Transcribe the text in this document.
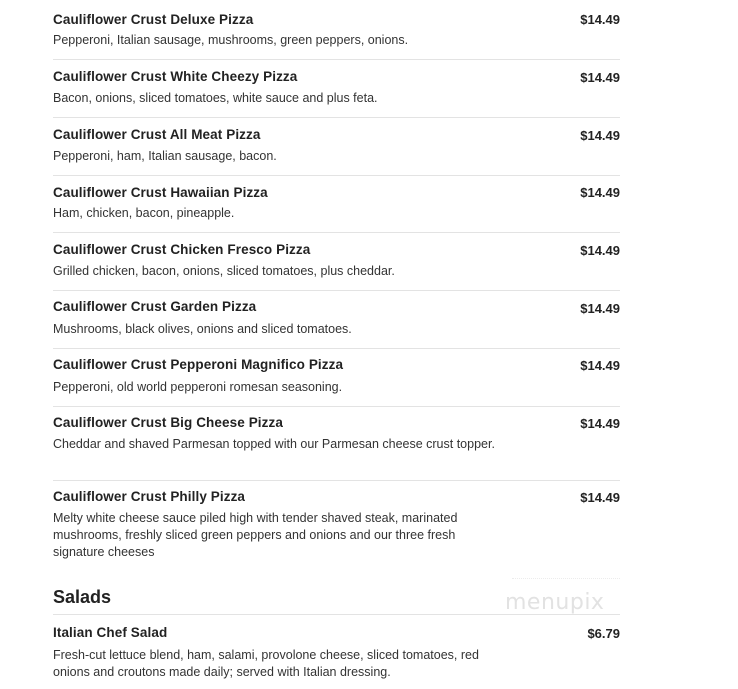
Cauliflower Crust Deluxe Pizza	$14.49
Pepperoni, Italian sausage, mushrooms, green peppers, onions.
Cauliflower Crust White Cheezy Pizza	$14.49
Bacon, onions, sliced tomatoes, white sauce and plus feta.
Cauliflower Crust All Meat Pizza	$14.49
Pepperoni, ham, Italian sausage, bacon.
Cauliflower Crust Hawaiian Pizza	$14.49
Ham, chicken, bacon, pineapple.
Cauliflower Crust Chicken Fresco Pizza	$14.49
Grilled chicken, bacon, onions, sliced tomatoes, plus cheddar.
Cauliflower Crust Garden Pizza	$14.49
Mushrooms, black olives, onions and sliced tomatoes.
Cauliflower Crust Pepperoni Magnifico Pizza	$14.49
Pepperoni, old world pepperoni romesan seasoning.
Cauliflower Crust Big Cheese Pizza	$14.49
Cheddar and shaved Parmesan topped with our Parmesan cheese crust topper.
Cauliflower Crust Philly Pizza	$14.49
Melty white cheese sauce piled high with tender shaved steak, marinated mushrooms, freshly sliced green peppers and onions and our three fresh signature cheeses
Salads
Italian Chef Salad	$6.79
Fresh-cut lettuce blend, ham, salami, provolone cheese, sliced tomatoes, red onions and croutons made daily; served with Italian dressing.
menupix
